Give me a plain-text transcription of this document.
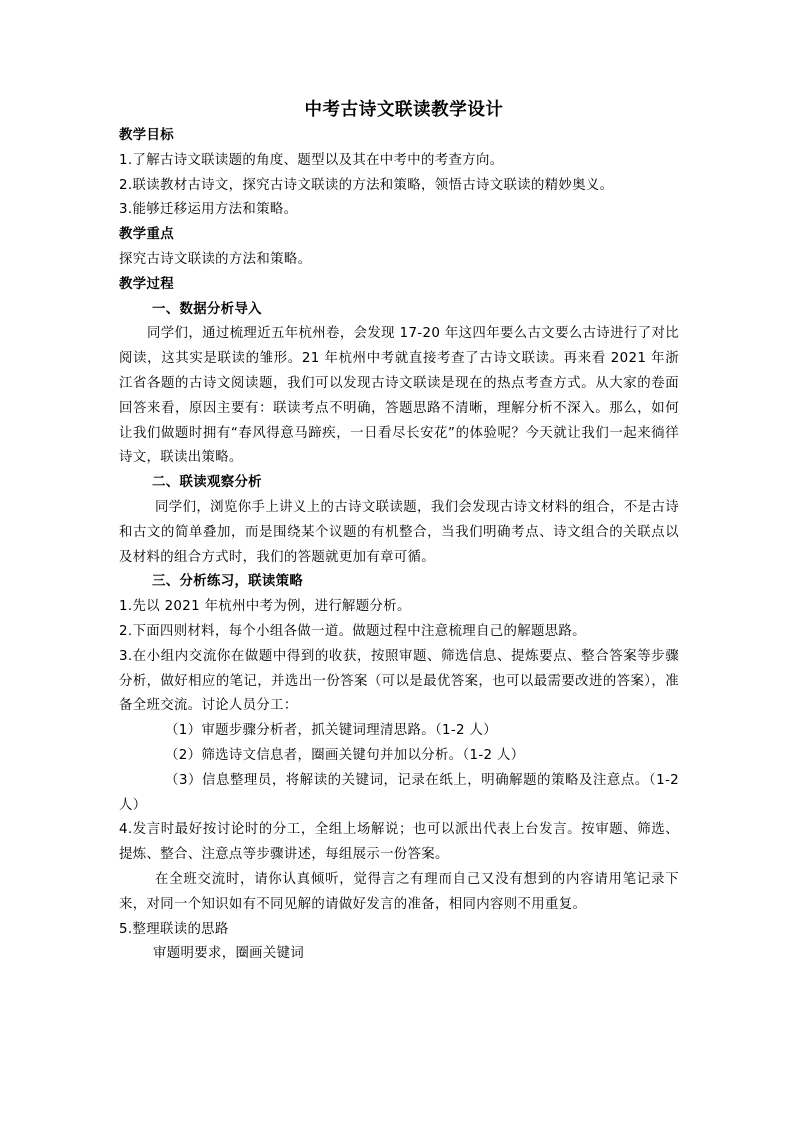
中考古诗文联读教学设计

教学目标

1.了解古诗文联读题的角度、题型以及其在中考中的考查方向。

2.联读教材古诗文，探究古诗文联读的方法和策略，领悟古诗文联读的精妙奥义。

3.能够迁移运用方法和策略。

教学重点

探究古诗文联读的方法和策略。

教学过程

一、数据分析导入

同学们，通过梳理近五年杭州卷，会发现 17-20 年这四年要么古文要么古诗进行了对比阅读，这其实是联读的雏形。21 年杭州中考就直接考查了古诗文联读。再来看 2021 年浙江省各题的古诗文阅读题，我们可以发现古诗文联读是现在的热点考查方式。从大家的卷面回答来看，原因主要有：联读考点不明确，答题思路不清晰，理解分析不深入。那么，如何让我们做题时拥有“春风得意马蹄疾，一日看尽长安花”的体验呢？今天就让我们一起来徜徉诗文，联读出策略。

二、联读观察分析

同学们，浏览你手上讲义上的古诗文联读题，我们会发现古诗文材料的组合，不是古诗和古文的简单叠加，而是围绕某个议题的有机整合，当我们明确考点、诗文组合的关联点以及材料的组合方式时，我们的答题就更加有章可循。

三、分析练习，联读策略

1.先以 2021 年杭州中考为例，进行解题分析。

2.下面四则材料，每个小组各做一道。做题过程中注意梳理自己的解题思路。

3.在小组内交流你在做题中得到的收获，按照审题、筛选信息、提炼要点、整合答案等步骤分析，做好相应的笔记，并选出一份答案（可以是最优答案，也可以最需要改进的答案），准备全班交流。讨论人员分工：

（1）审题步骤分析者，抓关键词理清思路。（1-2 人）

（2）筛选诗文信息者，圈画关键句并加以分析。（1-2 人）

（3）信息整理员，将解读的关键词，记录在纸上，明确解题的策略及注意点。（1-2 人）

4.发言时最好按讨论时的分工，全组上场解说；也可以派出代表上台发言。按审题、筛选、提炼、整合、注意点等步骤讲述，每组展示一份答案。

在全班交流时，请你认真倾听，觉得言之有理而自己又没有想到的内容请用笔记录下来，对同一个知识如有不同见解的请做好发言的准备，相同内容则不用重复。

5.整理联读的思路

审题明要求，圈画关键词
